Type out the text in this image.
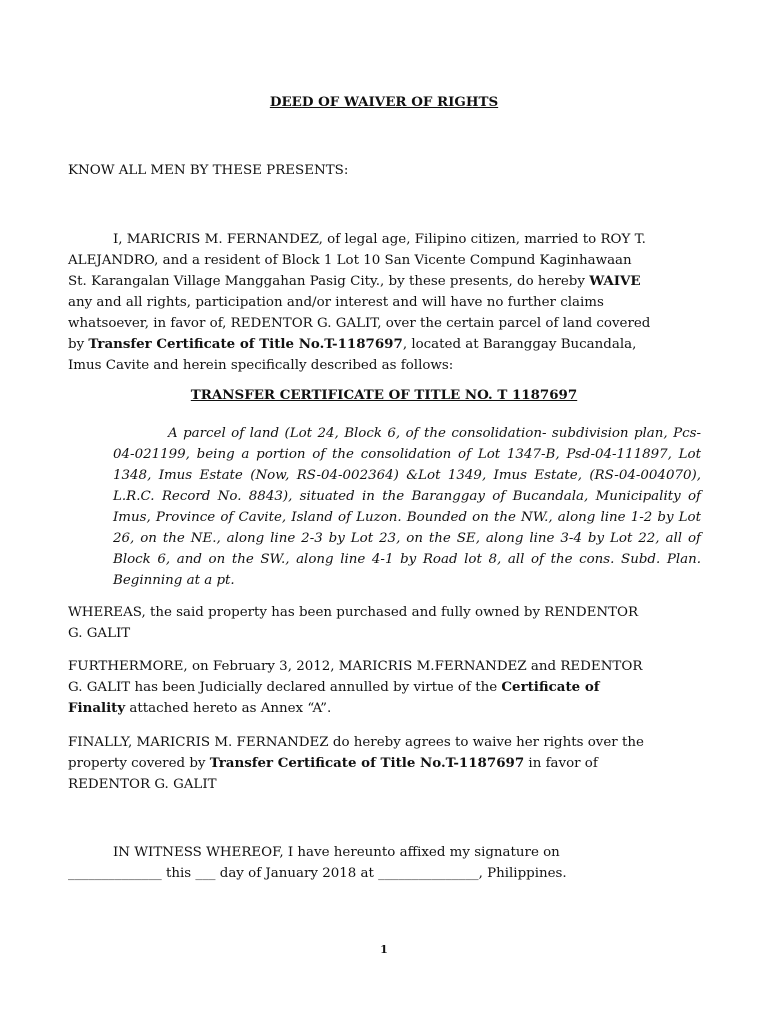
DEED OF WAIVER OF RIGHTS
KNOW ALL MEN BY THESE PRESENTS:
I, MARICRIS M. FERNANDEZ, of legal age, Filipino citizen, married to ROY T.
ALEJANDRO, and a resident of Block 1 Lot 10 San Vicente Compund Kaginhawaan
St. Karangalan Village Manggahan Pasig City., by these presents, do hereby WAIVE
any and all rights, participation and/or interest and will have no further claims
whatsoever, in favor of, REDENTOR G. GALIT, over the certain parcel of land covered
by Transfer Certificate of Title No.T-1187697, located at Baranggay Bucandala,
Imus Cavite and herein specifically described as follows:
TRANSFER CERTIFICATE OF TITLE NO. T 1187697
A parcel of land (Lot 24, Block 6, of the consolidation- subdivision plan, Pcs-04-021199, being a portion of the consolidation of Lot 1347-B, Psd-04-111897, Lot 1348, Imus Estate (Now, RS-04-002364) &Lot 1349, Imus Estate, (RS-04-004070), L.R.C. Record No. 8843), situated in the Baranggay of Bucandala, Municipality of Imus, Province of Cavite, Island of Luzon. Bounded on the NW., along line 1-2 by Lot 26, on the NE., along line 2-3 by Lot 23, on the SE, along line 3-4 by Lot 22, all of Block 6, and on the SW., along line 4-1 by Road lot 8, all of the cons. Subd. Plan. Beginning at a pt.
WHEREAS, the said property has been purchased and fully owned by RENDENTOR
G. GALIT
FURTHERMORE, on February 3, 2012, MARICRIS M.FERNANDEZ and REDENTOR
G. GALIT has been Judicially declared annulled by virtue of the Certificate of
Finality attached hereto as Annex “A”.
FINALLY, MARICRIS M. FERNANDEZ do hereby agrees to waive her rights over the
property covered by Transfer Certificate of Title No.T-1187697 in favor of
REDENTOR G. GALIT
IN WITNESS WHEREOF, I have hereunto affixed my signature on
______________ this ___ day of January 2018 at _______________, Philippines.
1
